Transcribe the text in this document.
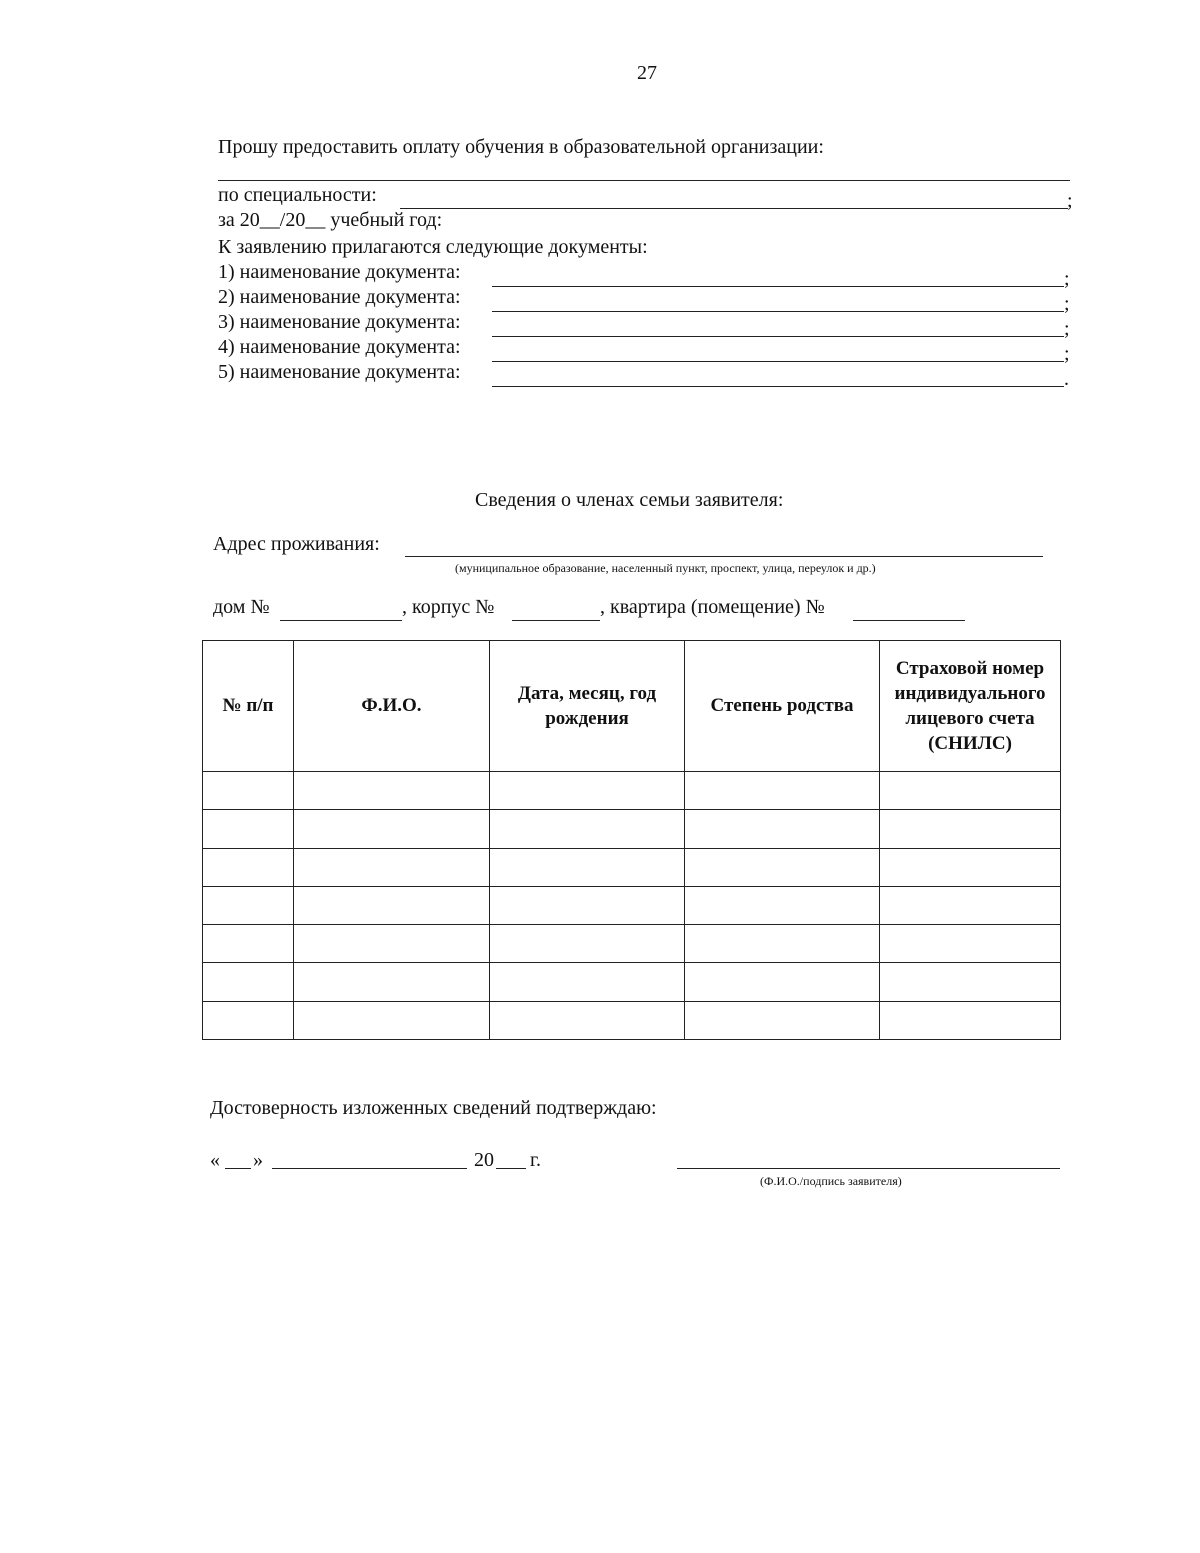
27
Прошу предоставить оплату обучения в образовательной организации:
по специальности:	;
за 20__/20__ учебный год:
К заявлению прилагаются следующие документы:
1) наименование документа:	;
2) наименование документа:	;
3) наименование документа:	;
4) наименование документа:	;
5) наименование документа:	.
Сведения о членах семьи заявителя:
Адрес проживания:
(муниципальное образование, населенный пункт, проспект, улица, переулок и др.)
дом №	, корпус №	, квартира (помещение) №
№ п/п	Ф.И.О.	Дата, месяц, год рождения	Степень родства	Страховой номер индивидуального лицевого счета (СНИЛС)

Достоверность изложенных сведений подтверждаю:
« »	20 г.
(Ф.И.О./подпись заявителя)
